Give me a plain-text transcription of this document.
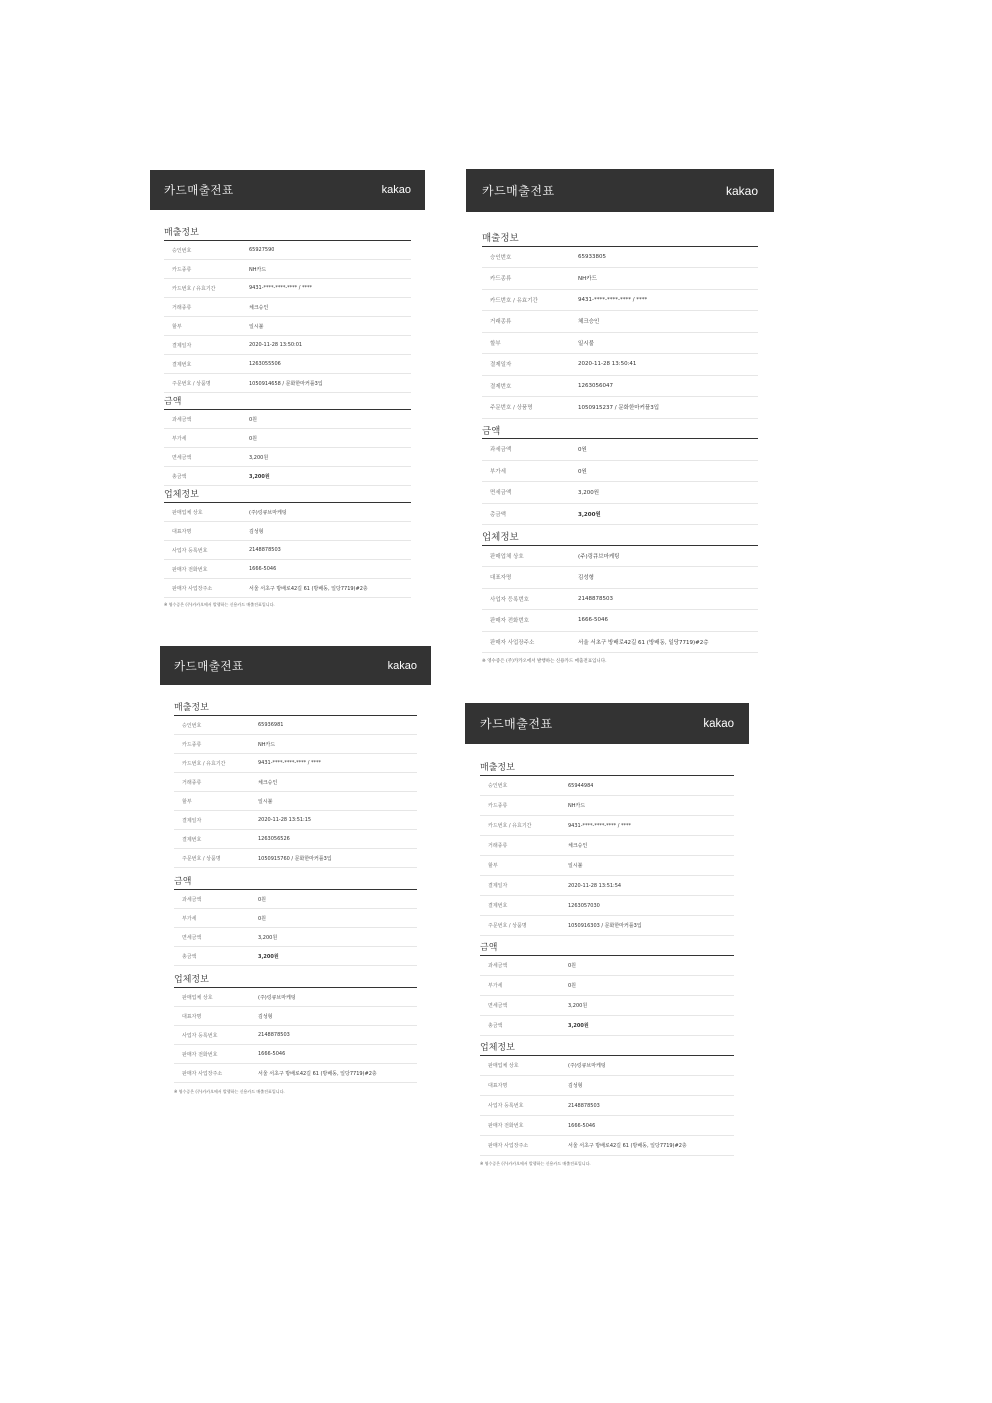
카드매출전표	kakao
매출정보
승인번호	65927590
카드종류	NH카드
카드번호 / 유효기간	9431-****-****-**** / ****
거래종류	체크승인
할부	일시불
결제일자	2020-11-28 13:50:01
결제번호	1263055506
주문번호 / 상품명	1050914658 / 문화한마커플3입
금액
과세금액	0원
부가세	0원
면세금액	3,200원
총금액	3,200원
업체정보
판매업체 상호	(주)링큐브마케팅
대표자명	김성형
사업자 등록번호	2148878503
판매자 전화번호	1666-5046
판매자 사업장주소	서울 서초구 방배로42길 61 (방배동, 일당7719)#2층
※ 영수증은 (주)카카오에서 발행하는 신용카드 매출전표입니다.
카드매출전표	kakao
매출정보
승인번호	65933805
카드종류	NH카드
카드번호 / 유효기간	9431-****-****-**** / ****
거래종류	체크승인
할부	일시불
결제일자	2020-11-28 13:50:41
결제번호	1263056047
주문번호 / 상품명	1050915237 / 문화한마커플3입
금액
과세금액	0원
부가세	0원
면세금액	3,200원
총금액	3,200원
업체정보
판매업체 상호	(주)링큐브마케팅
대표자명	김성형
사업자 등록번호	2148878503
판매자 전화번호	1666-5046
판매자 사업장주소	서울 서초구 방배로42길 61 (방배동, 일당7719)#2층
※ 영수증은 (주)카카오에서 발행하는 신용카드 매출전표입니다.
카드매출전표	kakao
매출정보
승인번호	65936981
카드종류	NH카드
카드번호 / 유효기간	9431-****-****-**** / ****
거래종류	체크승인
할부	일시불
결제일자	2020-11-28 13:51:15
결제번호	1263056526
주문번호 / 상품명	1050915760 / 문화한마커플3입
금액
과세금액	0원
부가세	0원
면세금액	3,200원
총금액	3,200원
업체정보
판매업체 상호	(주)링큐브마케팅
대표자명	김성형
사업자 등록번호	2148878503
판매자 전화번호	1666-5046
판매자 사업장주소	서울 서초구 방배로42길 61 (방배동, 일당7719)#2층
※ 영수증은 (주)카카오에서 발행하는 신용카드 매출전표입니다.
카드매출전표	kakao
매출정보
승인번호	65944984
카드종류	NH카드
카드번호 / 유효기간	9431-****-****-**** / ****
거래종류	체크승인
할부	일시불
결제일자	2020-11-28 13:51:54
결제번호	1263057030
주문번호 / 상품명	1050916303 / 문화한마커플3입
금액
과세금액	0원
부가세	0원
면세금액	3,200원
총금액	3,200원
업체정보
판매업체 상호	(주)링큐브마케팅
대표자명	김성형
사업자 등록번호	2148878503
판매자 전화번호	1666-5046
판매자 사업장주소	서울 서초구 방배로42길 61 (방배동, 일당7719)#2층
※ 영수증은 (주)카카오에서 발행하는 신용카드 매출전표입니다.
